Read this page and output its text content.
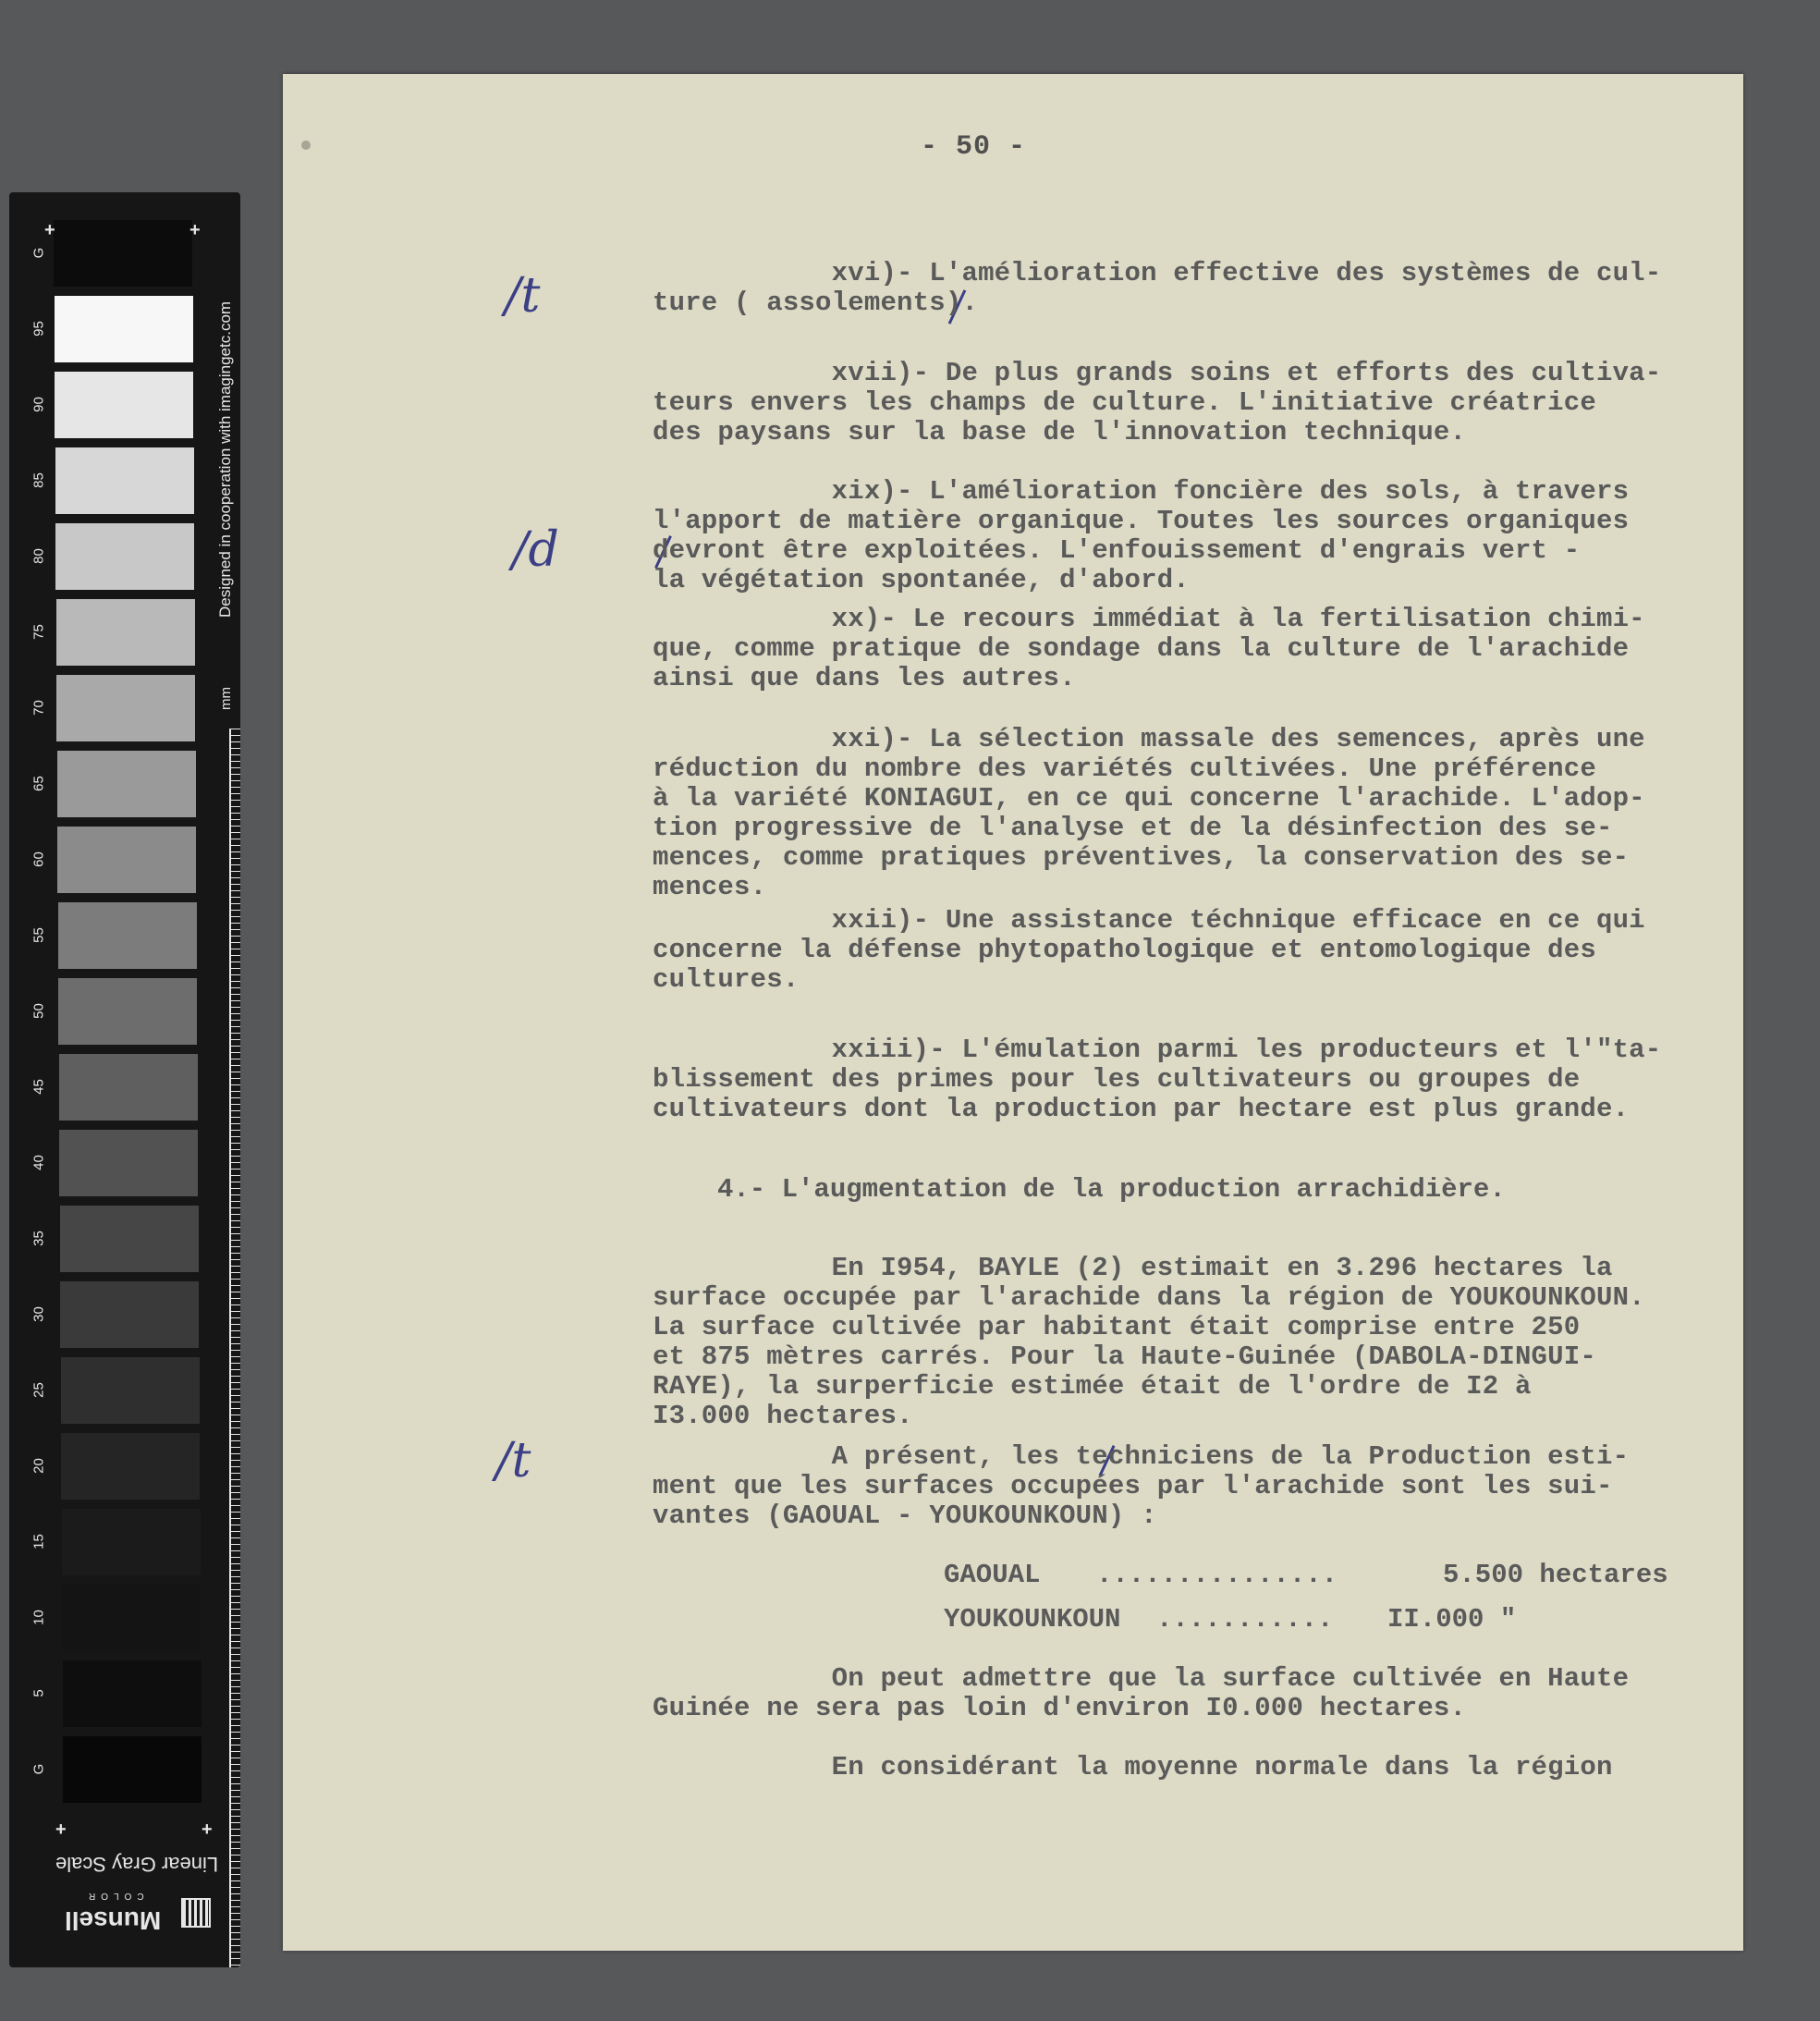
G
95
90
85
80
75
70
65
60
55
50
45
40
35
30
25
20
15
10
5
G
+	+
+	+
Designed in cooperation with imagingetc.com
mm
Linear Gray Scale
Munsell
COLOR
- 50 -
/t
/d
/t
xvi)- L'amélioration effective des systèmes de cul-
ture ( assolements).
xvii)- De plus grands soins et efforts des cultiva-
teurs envers les champs de culture. L'initiative créatrice
des paysans sur la base de l'innovation technique.
xix)- L'amélioration foncière des sols, à travers
l'apport de matière organique. Toutes les sources organiques
devront être exploitées. L'enfouissement d'engrais vert -
la végétation spontanée, d'abord.
xx)- Le recours immédiat à la fertilisation chimi-
que, comme pratique de sondage dans la culture de l'arachide
ainsi que dans les autres.
xxi)- La sélection massale des semences, après une
réduction du nombre des variétés cultivées. Une préférence
à la variété KONIAGUI, en ce qui concerne l'arachide. L'adop-
tion progressive de l'analyse et de la désinfection des se-
mences, comme pratiques préventives, la conservation des se-
mences.
xxii)- Une assistance téchnique efficace en ce qui
concerne la défense phytopathologique et entomologique des
cultures.
xxiii)- L'émulation parmi les producteurs et l'"ta-
blissement des primes pour les cultivateurs ou groupes de
cultivateurs dont la production par hectare est plus grande.
4.- L'augmentation de la production arrachidière.
En I954, BAYLE (2) estimait en 3.296 hectares la
surface occupée par l'arachide dans la région de YOUKOUNKOUN.
La surface cultivée par habitant était comprise entre 250
et 875 mètres carrés. Pour la Haute-Guinée (DABOLA-DINGUI-
RAYE), la surperficie estimée était de l'ordre de I2 à
I3.000 hectares.
A présent, les techniciens de la Production esti-
ment que les surfaces occupées par l'arachide sont les sui-
vantes (GAOUAL - YOUKOUNKOUN) :
GAOUAL	...............	5.500 hectares
YOUKOUNKOUN	...........	II.000 "
On peut admettre que la surface cultivée en Haute
Guinée ne sera pas loin d'environ I0.000 hectares.
En considérant la moyenne normale dans la région
